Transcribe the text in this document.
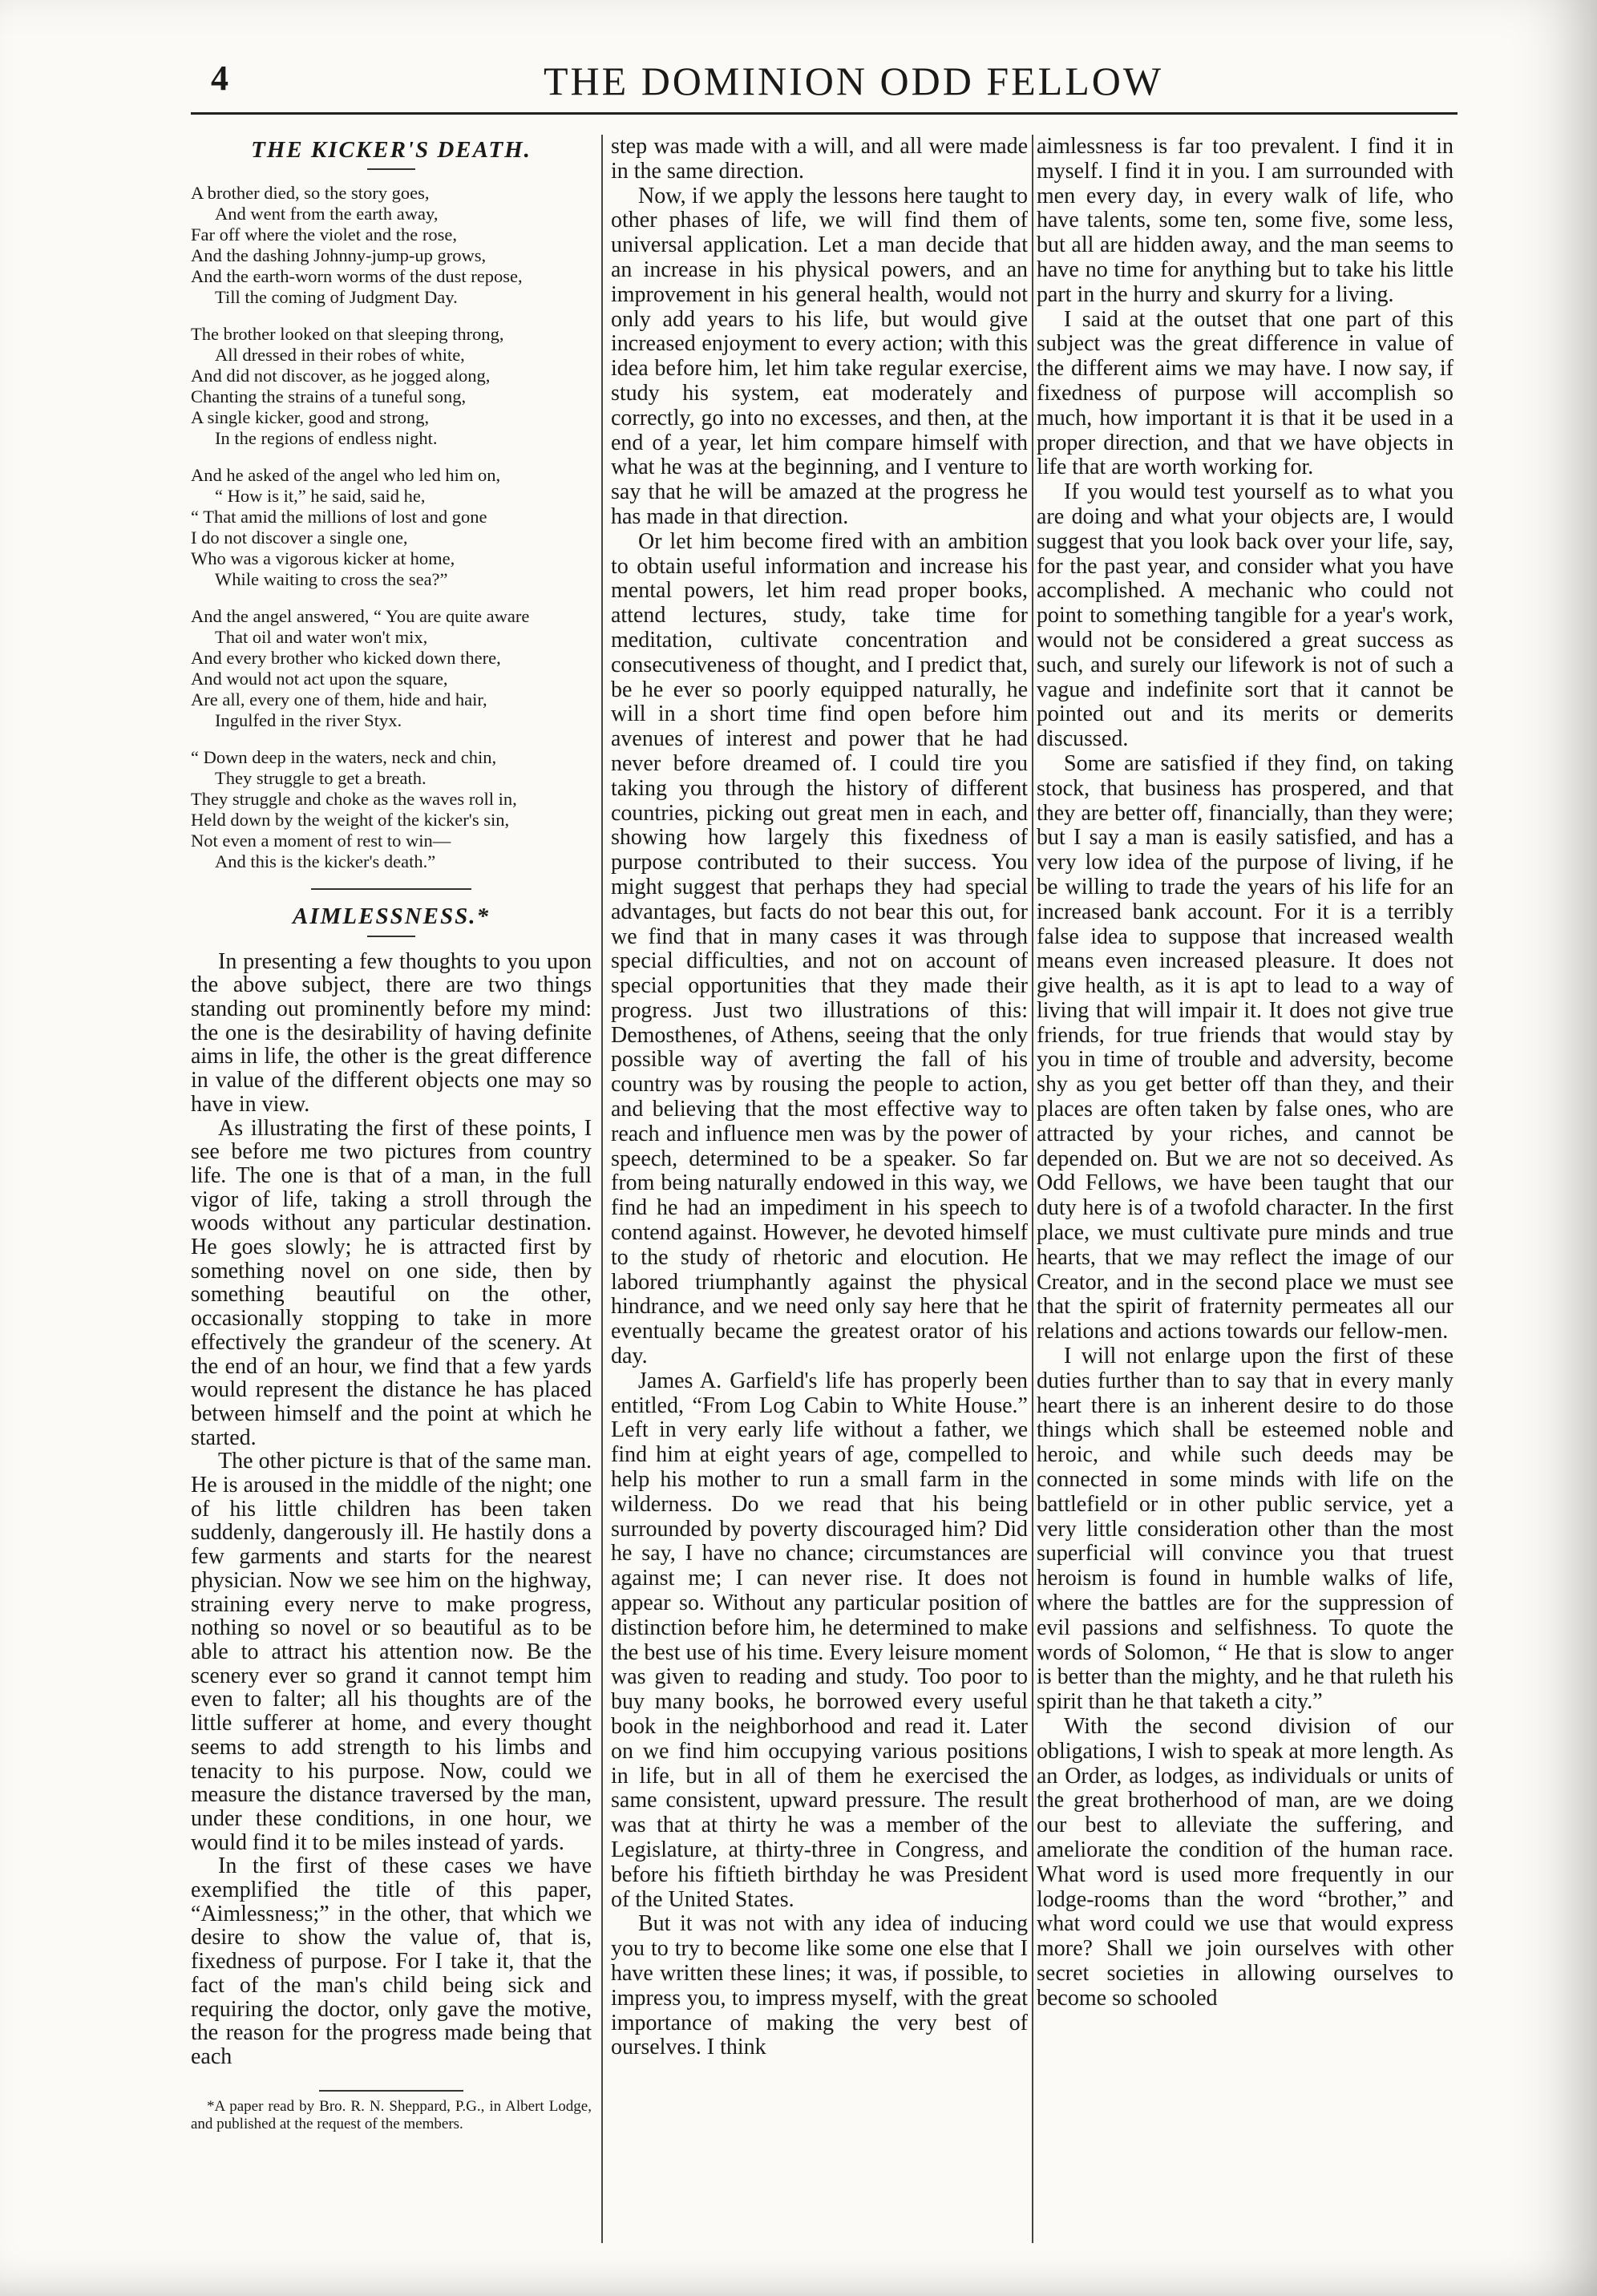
4	THE DOMINION ODD FELLOW
THE KICKER'S DEATH.
A brother died, so the story goes,
And went from the earth away,
Far off where the violet and the rose,
And the dashing Johnny-jump-up grows,
And the earth-worn worms of the dust repose,
Till the coming of Judgment Day.
The brother looked on that sleeping throng,
All dressed in their robes of white,
And did not discover, as he jogged along,
Chanting the strains of a tuneful song,
A single kicker, good and strong,
In the regions of endless night.
And he asked of the angel who led him on,
“ How is it,” he said, said he,
“ That amid the millions of lost and gone
I do not discover a single one,
Who was a vigorous kicker at home,
While waiting to cross the sea?”
And the angel answered, “ You are quite aware
That oil and water won't mix,
And every brother who kicked down there,
And would not act upon the square,
Are all, every one of them, hide and hair,
Ingulfed in the river Styx.
“ Down deep in the waters, neck and chin,
They struggle to get a breath.
They struggle and choke as the waves roll in,
Held down by the weight of the kicker's sin,
Not even a moment of rest to win—
And this is the kicker's death.”
AIMLESSNESS.*

In presenting a few thoughts to you upon the above subject, there are two things standing out prominently before my mind: the one is the desirability of having definite aims in life, the other is the great difference in value of the different objects one may so have in view.

As illustrating the first of these points, I see before me two pictures from country life. The one is that of a man, in the full vigor of life, taking a stroll through the woods without any particular destination. He goes slowly; he is attracted first by something novel on one side, then by something beautiful on the other, occasionally stopping to take in more effectively the grandeur of the scenery. At the end of an hour, we find that a few yards would represent the distance he has placed between himself and the point at which he started.

The other picture is that of the same man. He is aroused in the middle of the night; one of his little children has been taken suddenly, dangerously ill. He hastily dons a few garments and starts for the nearest physician. Now we see him on the highway, straining every nerve to make progress, nothing so novel or so beautiful as to be able to attract his attention now. Be the scenery ever so grand it cannot tempt him even to falter; all his thoughts are of the little sufferer at home, and every thought seems to add strength to his limbs and tenacity to his purpose. Now, could we measure the distance traversed by the man, under these conditions, in one hour, we would find it to be miles instead of yards.

In the first of these cases we have exemplified the title of this paper, “Aimlessness;” in the other, that which we desire to show the value of, that is, fixedness of purpose. For I take it, that the fact of the man's child being sick and requiring the doctor, only gave the motive, the reason for the progress made being that each

*A paper read by Bro. R. N. Sheppard, P.G., in Albert Lodge, and published at the request of the members.

step was made with a will, and all were made in the same direction.

Now, if we apply the lessons here taught to other phases of life, we will find them of universal application. Let a man decide that an increase in his physical powers, and an improvement in his general health, would not only add years to his life, but would give increased enjoyment to every action; with this idea before him, let him take regular exercise, study his system, eat moderately and correctly, go into no excesses, and then, at the end of a year, let him compare himself with what he was at the beginning, and I venture to say that he will be amazed at the progress he has made in that direction.

Or let him become fired with an ambition to obtain useful information and increase his mental powers, let him read proper books, attend lectures, study, take time for meditation, cultivate concentration and consecutiveness of thought, and I predict that, be he ever so poorly equipped naturally, he will in a short time find open before him avenues of interest and power that he had never before dreamed of. I could tire you taking you through the history of different countries, picking out great men in each, and showing how largely this fixedness of purpose contributed to their success. You might suggest that perhaps they had special advantages, but facts do not bear this out, for we find that in many cases it was through special difficulties, and not on account of special opportunities that they made their progress. Just two illustrations of this: Demosthenes, of Athens, seeing that the only possible way of averting the fall of his country was by rousing the people to action, and believing that the most effective way to reach and influence men was by the power of speech, determined to be a speaker. So far from being naturally endowed in this way, we find he had an impediment in his speech to contend against. However, he devoted himself to the study of rhetoric and elocution. He labored triumphantly against the physical hindrance, and we need only say here that he eventually became the greatest orator of his day.

James A. Garfield's life has properly been entitled, “From Log Cabin to White House.” Left in very early life without a father, we find him at eight years of age, compelled to help his mother to run a small farm in the wilderness. Do we read that his being surrounded by poverty discouraged him? Did he say, I have no chance; circumstances are against me; I can never rise. It does not appear so. Without any particular position of distinction before him, he determined to make the best use of his time. Every leisure moment was given to reading and study. Too poor to buy many books, he borrowed every useful book in the neighborhood and read it. Later on we find him occupying various positions in life, but in all of them he exercised the same consistent, upward pressure. The result was that at thirty he was a member of the Legislature, at thirty-three in Congress, and before his fiftieth birthday he was President of the United States.

But it was not with any idea of inducing you to try to become like some one else that I have written these lines; it was, if possible, to impress you, to impress myself, with the great importance of making the very best of ourselves. I think

aimlessness is far too prevalent. I find it in myself. I find it in you. I am surrounded with men every day, in every walk of life, who have talents, some ten, some five, some less, but all are hidden away, and the man seems to have no time for anything but to take his little part in the hurry and skurry for a living.

I said at the outset that one part of this subject was the great difference in value of the different aims we may have. I now say, if fixedness of purpose will accomplish so much, how important it is that it be used in a proper direction, and that we have objects in life that are worth working for.

If you would test yourself as to what you are doing and what your objects are, I would suggest that you look back over your life, say, for the past year, and consider what you have accomplished. A mechanic who could not point to something tangible for a year's work, would not be considered a great success as such, and surely our lifework is not of such a vague and indefinite sort that it cannot be pointed out and its merits or demerits discussed.

Some are satisfied if they find, on taking stock, that business has prospered, and that they are better off, financially, than they were; but I say a man is easily satisfied, and has a very low idea of the purpose of living, if he be willing to trade the years of his life for an increased bank account. For it is a terribly false idea to suppose that increased wealth means even increased pleasure. It does not give health, as it is apt to lead to a way of living that will impair it. It does not give true friends, for true friends that would stay by you in time of trouble and adversity, become shy as you get better off than they, and their places are often taken by false ones, who are attracted by your riches, and cannot be depended on. But we are not so deceived. As Odd Fellows, we have been taught that our duty here is of a twofold character. In the first place, we must cultivate pure minds and true hearts, that we may reflect the image of our Creator, and in the second place we must see that the spirit of fraternity permeates all our relations and actions towards our fellow-men.

I will not enlarge upon the first of these duties further than to say that in every manly heart there is an inherent desire to do those things which shall be esteemed noble and heroic, and while such deeds may be connected in some minds with life on the battlefield or in other public service, yet a very little consideration other than the most superficial will convince you that truest heroism is found in humble walks of life, where the battles are for the suppression of evil passions and selfishness. To quote the words of Solomon, “ He that is slow to anger is better than the mighty, and he that ruleth his spirit than he that taketh a city.”

With the second division of our obligations, I wish to speak at more length. As an Order, as lodges, as individuals or units of the great brotherhood of man, are we doing our best to alleviate the suffering, and ameliorate the condition of the human race. What word is used more frequently in our lodge-rooms than the word “brother,” and what word could we use that would express more? Shall we join ourselves with other secret societies in allowing ourselves to become so schooled
